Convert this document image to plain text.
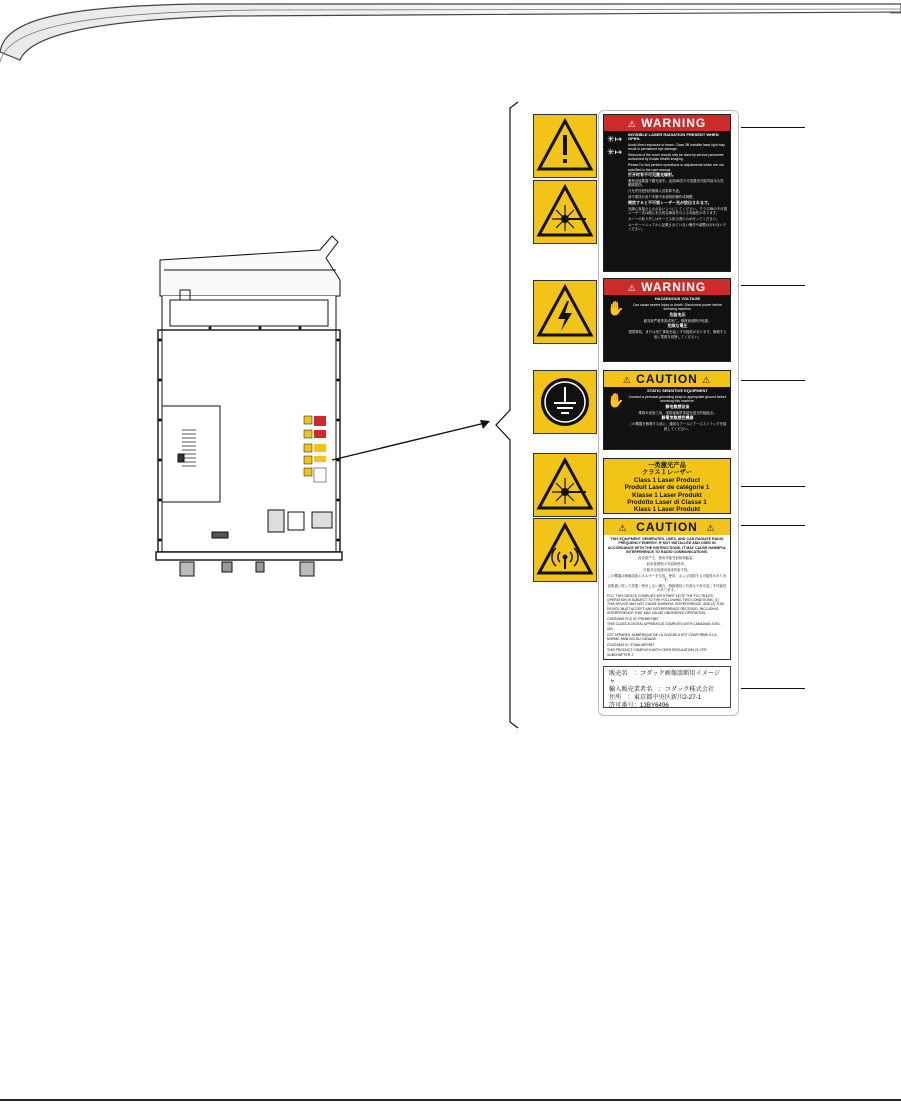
⚠ WARNING
✳↦
✳↦

INVISIBLE LASER RADIATION PRESENT WHEN OPEN.

Avoid direct exposure to beam. Class 3B invisible laser light may result in permanent eye damage.

Removal of the cover should only be done by service personnel authorized by Kodak Health Imaging.

Please Do Not perform operations or adjustments which are not specified in the user manual.

打开时有不可见激光辐射。

避免直接暴露于激光束中。直视3B类不可见激光可能导致永久性眼睛损伤。

只允许经授权的维修人员拆卸外盖。

请不要执行用户手册中未说明的操作或调整。

開放すると不可視レーザー光が放出されます。

光線に直接さらされないようにしてください。クラス3Bの不可視レーザー光は眼に永久的な障害を与える可能性があります。

カバーの取り外しはサービス担当者のみが行ってください。

ユーザーマニュアルに記載されていない操作や調整は行わないでください。

⚠ WARNING
✋

HAZARDOUS VOLTAGE

Can cause severe injury or death. Disconnect power before servicing machine.

危险电压

能导致严重伤害或死亡。维修前请断开电源。

危険な電圧

感電事故、または死亡事故を起こす可能性があります。修理する前に電源を切断してください。

⚠ CAUTION ⚠
✋

STATIC SENSITIVE EQUIPMENT

Connect a personal grounding strap to appropriate ground before servicing this machine.

静电敏感设备

维修本设备之前，请将接地带连接至适当的接地点。

静電気敏感性機器

この機器を修理する前に、適切なアースにアースストラップを接続してください。

一类激光产品
クラス１レーザー
Class 1 Laser Product
Produit Laser de catégorie 1
Klasse 1 Laser Produkt
Prodotto Laser di Classe 1
Klass 1 Laser Produkt
⚠ CAUTION ⚠

THIS EQUIPMENT GENERATES, USES, AND CAN RADIATE RADIO FREQUENCY ENERGY. IF NOT INSTALLED AND USED IN ACCORDANCE WITH THE INSTRUCTIONS, IT MAY CAUSE HARMFUL INTERFERENCE TO RADIO COMMUNICATIONS.

此设备产生、使用并能发射射频能量。

如未按照指示安装和使用，

可能对无线通讯造成有害干扰。

この機器は無線周波エネルギーを生成、使用、および放射する可能性があります。

説明書に従って設置・使用しない場合、無線通信に有害な干渉を起こす可能性があります。

FCC: THIS DEVICE COMPLIES WITH PART 15 OF THE FCC RULES. OPERATION IS SUBJECT TO THE FOLLOWING TWO CONDITIONS: (1) THIS DEVICE MAY NOT CAUSE HARMFUL INTERFERENCE, AND (2) THIS DEVICE MUST ACCEPT ANY INTERFERENCE RECEIVED, INCLUDING INTERFERENCE THAT MAY CAUSE UNDESIRED OPERATION.

CONTAINS FCC ID: PRHMR7857

THIS CLASS A DIGITAL APPARATUS COMPLIES WITH CANADIAN ICES-003.

CET APPAREIL NUMÉRIQUE DE LA CLASSE A EST CONFORME À LA NORME NMB-003 DU CANADA.

CONTAINS IC: 5736A-MR7857

THIS PRODUCT COMPLIES WITH CDRH REGULATION 21 CFR SUBCHAPTER J.

販売名　：コダック画像診断用イメージャ
輸入販売業者名　：コダック株式会社
住所　：東京都中央区新川2-27-1
許可番号：13BY6496
